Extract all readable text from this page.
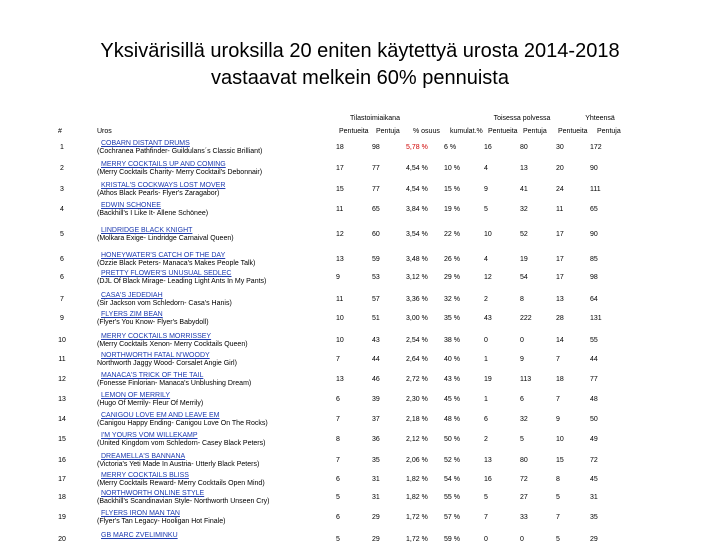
Yksivärisillä uroksilla 20 eniten käytettyä urosta 2014-2018
vastaavat melkein 60% pennuista
Tilastoimiaikana	Toisessa polvessa	Yhteensä
#	Uros	Pentueita Pentuja % osuus kumulat.% Pentueita Pentuja Pentueita Pentuja
1
COBARN DISTANT DRUMS
(Cochranea Pathfinder- Guildulans´s Classic Brilliant)
18	98	5,78 % 6 %	16	80	30	172
2
MERRY COCKTAILS UP AND COMING
(Merry Cocktails Charity- Merry Cocktail's Debonnair)
17	77	4,54 % 10 %	4	13	20	90
3
KRISTAL'S COCKWAYS LOST MOVER
(Athos Black Pearls- Flyer's Zaragabor)
15	77	4,54 % 15 %	9	41	24	111
4
EDWIN SCHONEE
(Backhill's I Like It- Allene Schönee)
11	65	3,84 % 19 %	5	32	11	65
5
LINDRIDGE BLACK KNIGHT
(Molkara Exige- Lindridge Carnaival Queen)
12	60	3,54 % 22 %	10	52	17	90
6
HONEYWATER'S CATCH OF THE DAY
(Ozzie Black Peters- Manaca's Makes People Talk)
13	59	3,48 % 26 %	4	19	17	85
6
PRETTY FLOWER'S UNUSUAL SEDLEC
(DJL Of Black Mirage- Leading Light Ants In My Pants)
9	53	3,12 % 29 %	12	54	17	98
7
CASA'S JEDEDIAH
(Sir Jackson vom Schledorn- Casa's Hanis)
11	57	3,36 % 32 %	2	8	13	64
9
FLYERS ZIM BEAN
(Flyer's You Know- Flyer's Babydoll)
10	51	3,00 % 35 %	43	222	28	131
10
MERRY COCKTAILS MORRISSEY
(Merry Cocktails Xenon- Merry Cocktails Queen)
10	43	2,54 % 38 %	0	0	14	55
11
NORTHWORTH FATAL N'WOODY
Northworth Jaggy Wood- Corsalet Angie Girl)
7	44	2,64 % 40 %	1	9	7	44
12
MANACA'S TRICK OF THE TAIL
(Fonesse Finlorian- Manaca's Unblushing Dream)
13	46	2,72 % 43 %	19	113	18	77
13
LEMON OF MERRILY
(Hugo Of Merrily- Fleur Of Merrily)
6	39	2,30 % 45 %	1	6	7	48
14
CANIGOU LOVE EM AND LEAVE EM
(Canigou Happy Ending- Canigou Love On The Rocks)
7	37	2,18 % 48 %	6	32	9	50
15
I'M YOURS VOM WILLEKAMP
(United Kingdom vom Schledorn- Casey Black Peters)
8	36	2,12 % 50 %	2	5	10	49
16
DREAMELLA'S BANNANA
(Victoria's Yeti Made In Austria- Utterly Black Peters)
7	35	2,06 % 52 %	13	80	15	72
17
MERRY COCKTAILS BLISS
(Merry Cocktails Reward- Merry Cocktails Open Mind)
6	31	1,82 % 54 %	16	72	8	45
18
NORTHWORTH ONLINE STYLE
(Backhill's Scandinavian Style- Northworth Unseen Cry)
5	31	1,82 % 55 %	5	27	5	31
19
FLYERS IRON MAN TAN
(Flyer's Tan Legacy- Hooligan Hot Finale)
6	29	1,72 % 57 %	7	33	7	35
20
GB MARC ZVELIMINKU
5	29	1,72 % 59 %	0	0	5	29
